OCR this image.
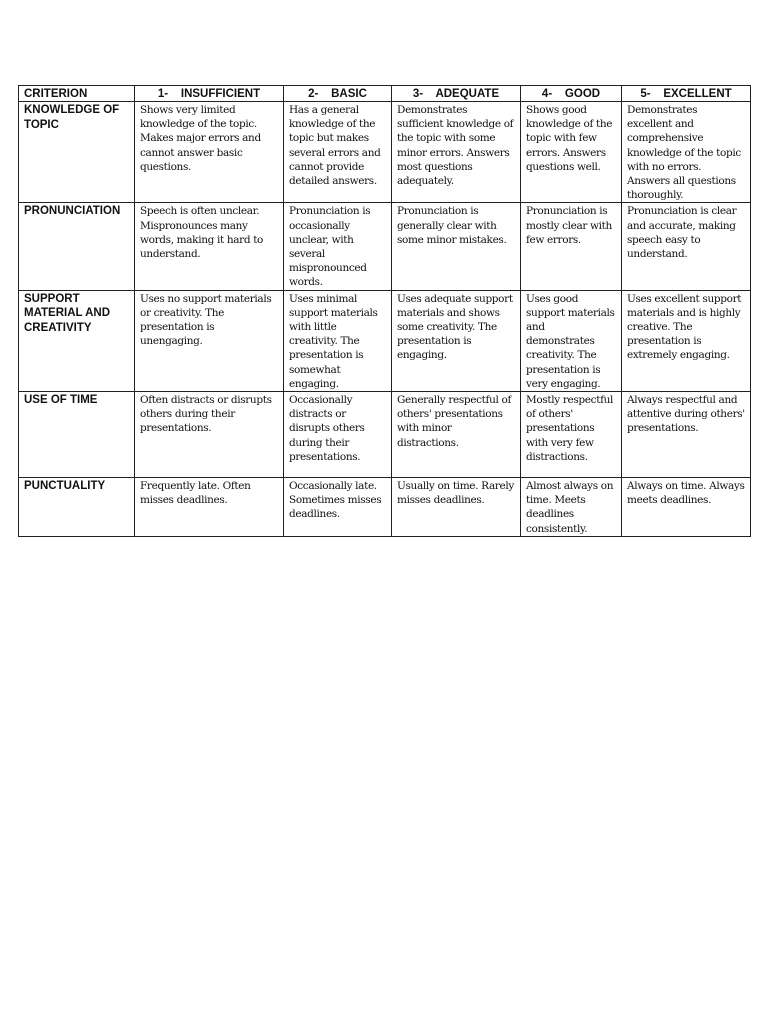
CRITERION	1-    INSUFFICIENT	2-    BASIC	3-    ADEQUATE	4-    GOOD	5-    EXCELLENT
KNOWLEDGE OF TOPIC	Shows very limited knowledge of the topic. Makes major errors and cannot answer basic questions.	Has a general knowledge of the topic but makes several errors and cannot provide detailed answers.	Demonstrates sufficient knowledge of the topic with some minor errors. Answers most questions adequately.	Shows good knowledge of the topic with few errors. Answers questions well.	Demonstrates excellent and comprehensive knowledge of the topic with no errors. Answers all questions thoroughly.
PRONUNCIATION	Speech is often unclear. Mispronounces many words, making it hard to understand.	Pronunciation is occasionally unclear, with several mispronounced words.	Pronunciation is generally clear with some minor mistakes.	Pronunciation is mostly clear with few errors.	Pronunciation is clear and accurate, making speech easy to understand.
SUPPORT MATERIAL AND CREATIVITY	Uses no support materials or creativity. The presentation is unengaging.	Uses minimal support materials with little creativity. The presentation is somewhat engaging.	Uses adequate support materials and shows some creativity. The presentation is engaging.	Uses good support materials and demonstrates creativity. The presentation is very engaging.	Uses excellent support materials and is highly creative. The presentation is extremely engaging.
USE OF TIME	Often distracts or disrupts others during their presentations.	Occasionally distracts or disrupts others during their presentations.	Generally respectful of others' presentations with minor distractions.	Mostly respectful of others' presentations with very few distractions.	Always respectful and attentive during others' presentations.
PUNCTUALITY	Frequently late. Often misses deadlines.	Occasionally late. Sometimes misses deadlines.	Usually on time. Rarely misses deadlines.	Almost always on time. Meets deadlines consistently.	Always on time. Always meets deadlines.
